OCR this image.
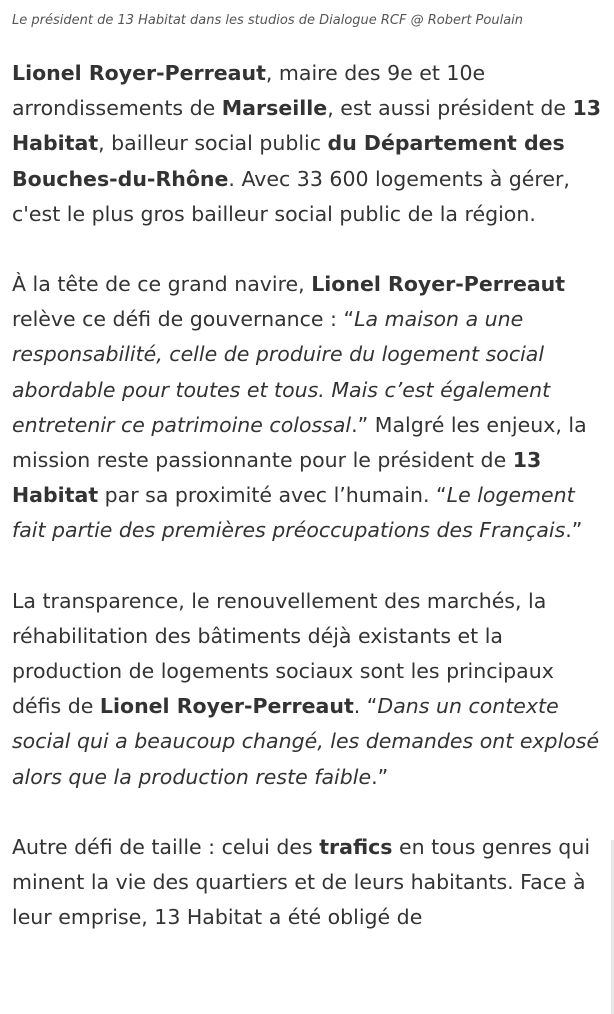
Le président de 13 Habitat dans les studios de Dialogue RCF @ Robert Poulain

Lionel Royer-Perreaut, maire des 9e et 10e arrondissements de Marseille, est aussi président de 13 Habitat, bailleur social public du Département des Bouches-du-Rhône. Avec 33 600 logements à gérer, c'est le plus gros bailleur social public de la région.

À la tête de ce grand navire, Lionel Royer-Perreaut relève ce défi de gouvernance : “La maison a une responsabilité, celle de produire du logement social abordable pour toutes et tous. Mais c’est également entretenir ce patrimoine colossal.” Malgré les enjeux, la mission reste passionnante pour le président de 13 Habitat par sa proximité avec l’humain. “Le logement fait partie des premières préoccupations des Français.”

La transparence, le renouvellement des marchés, la réhabilitation des bâtiments déjà existants et la production de logements sociaux sont les principaux défis de Lionel Royer-Perreaut. “Dans un contexte social qui a beaucoup changé, les demandes ont explosé alors que la production reste faible.”

Autre défi de taille : celui des trafics en tous genres qui minent la vie des quartiers et de leurs habitants. Face à leur emprise, 13 Habitat a été obligé de
